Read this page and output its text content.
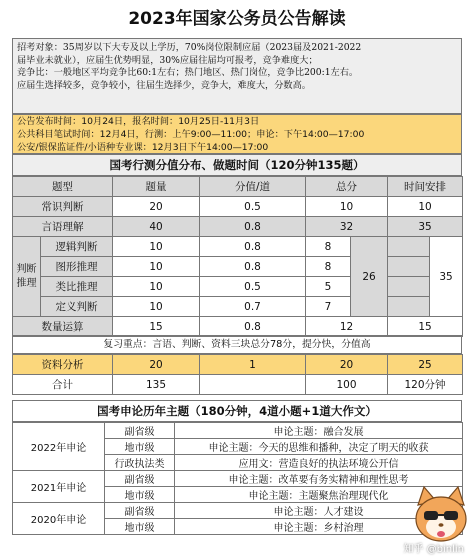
2023年国家公务员公告解读
招考对象：35周岁以下大专及以上学历，70%岗位限制应届（2023届及2021-2022
届毕业未就业），应届生优势明显，30%应届往届均可报考，竞争难度大；
竞争比：一般地区平均竞争比60:1左右；热门地区、热门岗位，竞争比200:1左右。
应届生选择较多，竞争较小，往届生选择少，竞争大，难度大，分数高。
公告发布时间：10月24日，报名时间：10月25日-11月3日
公共科目笔试时间：12月4日，行测：上午9:00—11:00；申论：下午14:00—17:00
公安/银保监证件/小语种专业课：12月3日下午14:00—17:00
国考行测分值分布、做题时间（120分钟135题）
题型		题量	分值/道	总分		时间安排	
常识判断		20	0.5	10		10	
言语理解		40	0.8	32		35	
判断推理	逻辑判断	10	0.8	8	26		35
	图形推理	10	0.8	8			
	类比推理	10	0.5	5			
	定义判断	10	0.7	7			
数量运算		15	0.8	12		15	
复习重点：言语、判断、资料三块总分78分，提分快，分值高
资料分析	20	1	20	25
合计	135		100	120分钟
国考申论历年主题（180分钟，4道小题+1道大作文）
2022年申论	副省级	申论主题：融合发展
	地市级	申论主题：今天的思维和播种，决定了明天的收获
	行政执法类	应用文：营造良好的执法环境公开信
2021年申论	副省级	申论主题：改革要有务实精神和理性思考
	地市级	申论主题：主题聚焦治理现代化
2020年申论	副省级	申论主题：人才建设
	地市级	申论主题：乡村治理
知乎 @binlin
